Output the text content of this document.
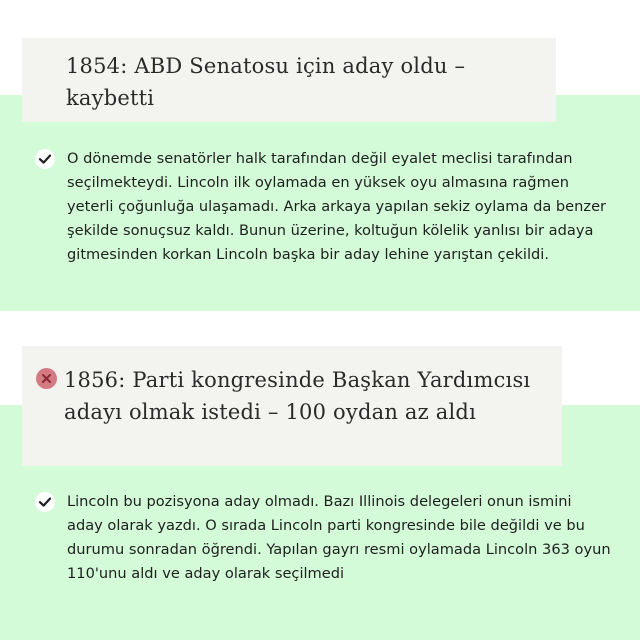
1854: ABD Senatosu için aday oldu – kaybetti
O dönemde senatörler halk tarafından değil eyalet meclisi tarafından seçilmekteydi. Lincoln ilk oylamada en yüksek oyu almasına rağmen yeterli çoğunluğa ulaşamadı. Arka arkaya yapılan sekiz oylama da benzer şekilde sonuçsuz kaldı. Bunun üzerine, koltuğun kölelik yanlısı bir adaya gitmesinden korkan Lincoln başka bir aday lehine yarıştan çekildi.
1856: Parti kongresinde Başkan Yardımcısı adayı olmak istedi – 100 oydan az aldı
Lincoln bu pozisyona aday olmadı. Bazı Illinois delegeleri onun ismini aday olarak yazdı. O sırada Lincoln parti kongresinde bile değildi ve bu durumu sonradan öğrendi. Yapılan gayrı resmi oylamada Lincoln 363 oyun 110'unu aldı ve aday olarak seçilmedi
